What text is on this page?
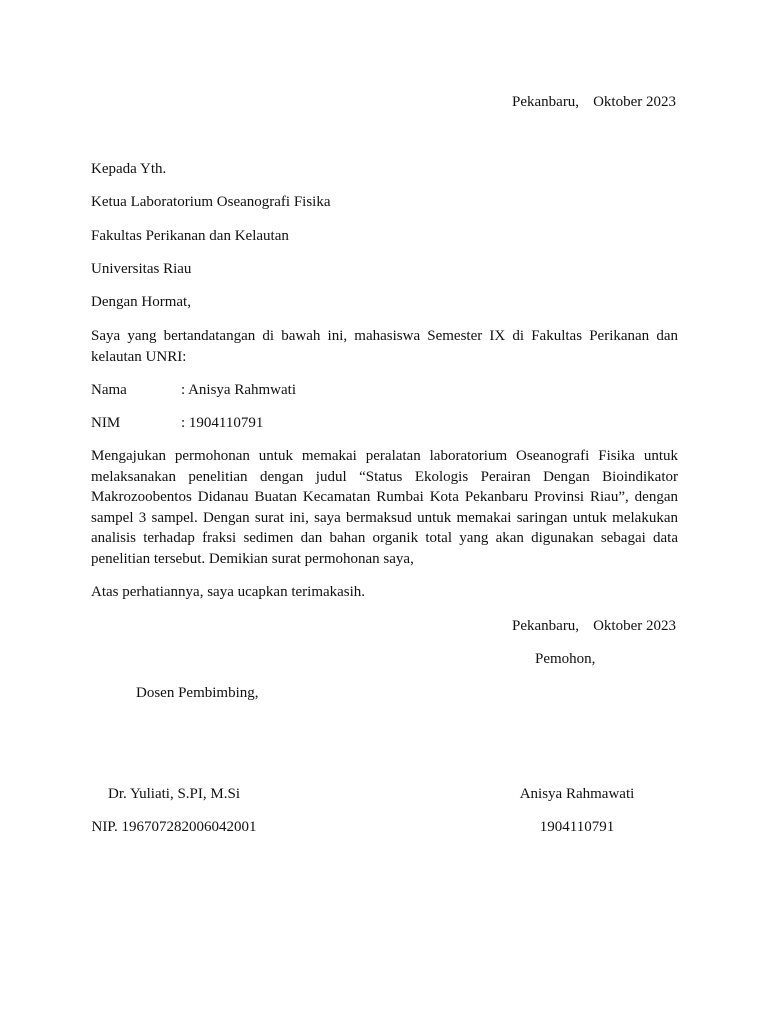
Pekanbaru, Oktober 2023
Kepada Yth.
Ketua Laboratorium Oseanografi Fisika
Fakultas Perikanan dan Kelautan
Universitas Riau
Dengan Hormat,
Saya yang bertandatangan di bawah ini, mahasiswa Semester IX di Fakultas Perikanan dan kelautan UNRI:
Nama	: Anisya Rahmwati
NIM	: 1904110791
Mengajukan permohonan untuk memakai peralatan laboratorium Oseanografi Fisika untuk melaksanakan penelitian dengan judul “Status Ekologis Perairan Dengan Bioindikator Makrozoobentos Didanau Buatan Kecamatan Rumbai Kota Pekanbaru Provinsi Riau”, dengan sampel 3 sampel. Dengan surat ini, saya bermaksud untuk memakai saringan untuk melakukan analisis terhadap fraksi sedimen dan bahan organik total yang akan digunakan sebagai data penelitian tersebut. Demikian surat permohonan saya,
Atas perhatiannya, saya ucapkan terimakasih.
Pekanbaru, Oktober 2023
Pemohon,
Dosen Pembimbing,
Dr. Yuliati, S.PI, M.Si
NIP. 196707282006042001
Anisya Rahmawati
1904110791
